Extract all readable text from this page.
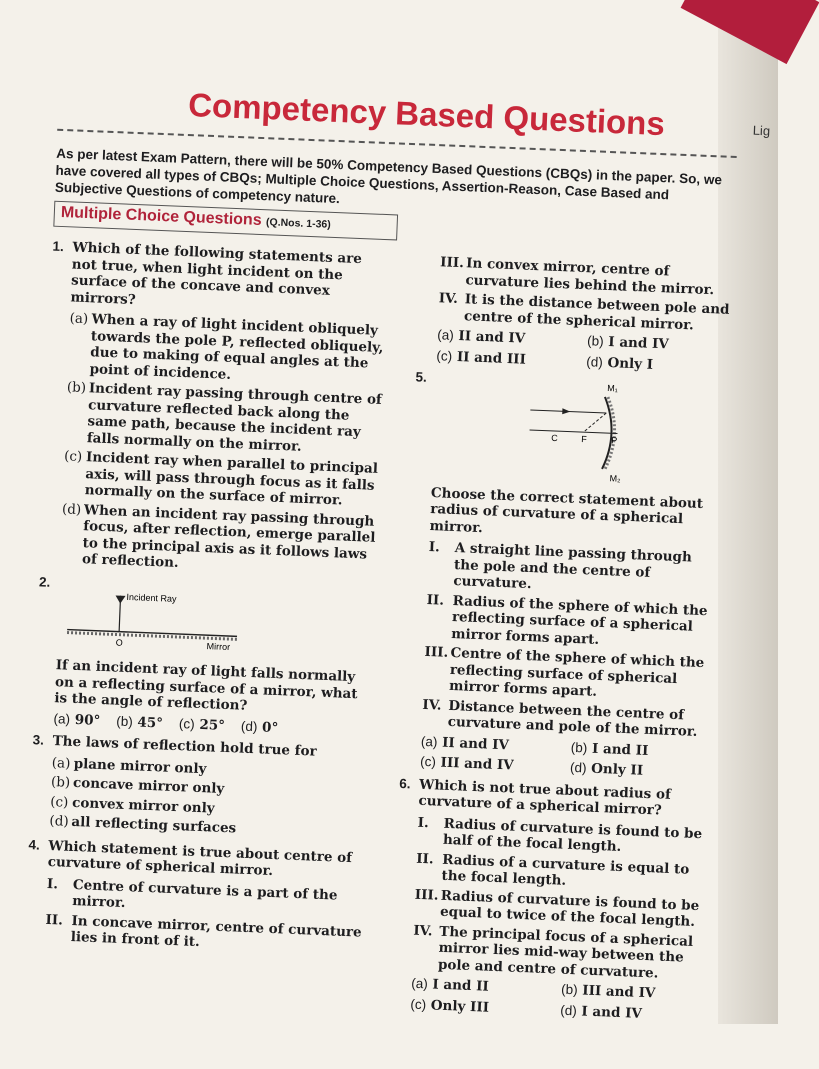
Competency Based Questions	Lig
As per latest Exam Pattern, there will be 50% Competency Based Questions (CBQs) in the paper. So, we have covered all types of CBQs; Multiple Choice Questions, Assertion-Reason, Case Based and Subjective Questions of competency nature.
Multiple Choice Questions (Q.Nos. 1-36)
1. Which of the following statements are not true, when light incident on the surface of the concave and convex mirrors?

(a) When a ray of light incident obliquely towards the pole P, reflected obliquely, due to making of equal angles at the point of incidence.
(b) Incident ray passing through centre of curvature reflected back along the same path, because the incident ray falls normally on the mirror.
(c) Incident ray when parallel to principal axis, will pass through focus as it falls normally on the surface of mirror.
(d) When an incident ray passing through focus, after reflection, emerge parallel to the principal axis as it follows laws of reflection.
2.
Incident Ray
O	Mirror

If an incident ray of light falls normally on a reflecting surface of a mirror, what is the angle of reflection?

(a) 90° (b) 45° (c) 25° (d) 0°
3. The laws of reflection hold true for

(a) plane mirror only
(b) concave mirror only
(c) convex mirror only
(d) all reflecting surfaces
4. Which statement is true about centre of curvature of spherical mirror.

I. Centre of curvature is a part of the mirror.
II. In concave mirror, centre of curvature lies in front of it.
III. In convex mirror, centre of curvature lies behind the mirror.
IV. It is the distance between pole and centre of the spherical mirror.
(a) II and IV	(b) I and IV
(c) II and III	(d) Only I
5.
M₁
C	F	P
M₂

Choose the correct statement about radius of curvature of a spherical mirror.

I. A straight line passing through the pole and the centre of curvature.
II. Radius of the sphere of which the reflecting surface of a spherical mirror forms apart.
III. Centre of the sphere of which the reflecting surface of spherical mirror forms apart.
IV. Distance between the centre of curvature and pole of the mirror.
(a) II and IV	(b) I and II
(c) III and IV	(d) Only II
6. Which is not true about radius of curvature of a spherical mirror?

I. Radius of curvature is found to be half of the focal length.
II. Radius of a curvature is equal to the focal length.
III. Radius of curvature is found to be equal to twice of the focal length.
IV. The principal focus of a spherical mirror lies mid-way between the pole and centre of curvature.
(a) I and II	(b) III and IV
(c) Only III	(d) I and IV
